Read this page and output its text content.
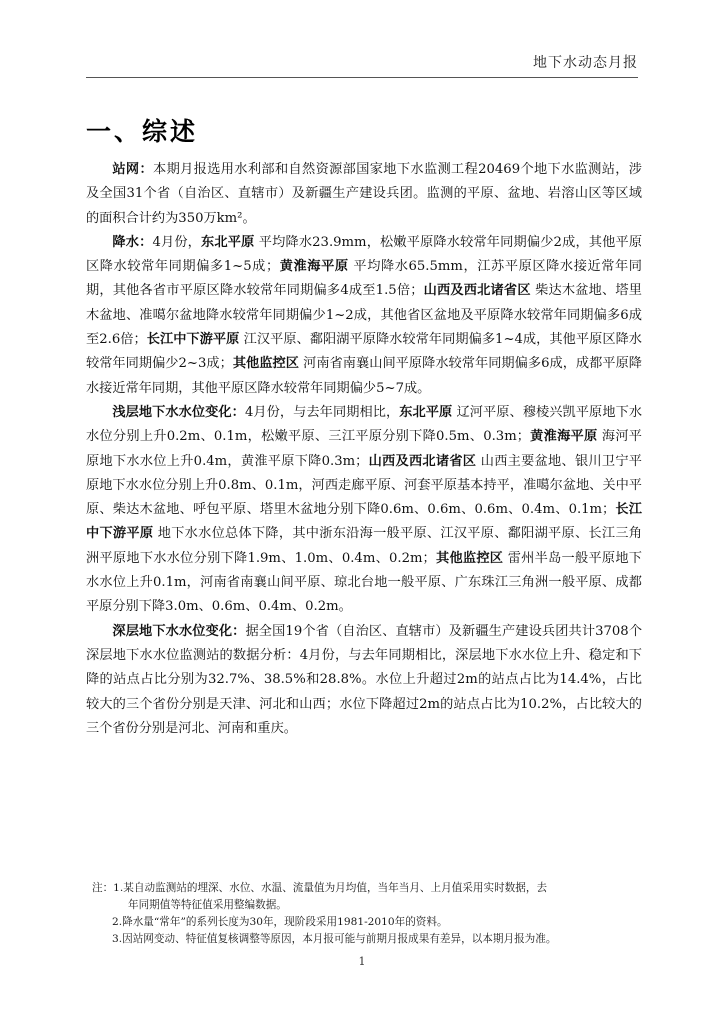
地下水动态月报
一、综述

站网：本期月报选用水利部和自然资源部国家地下水监测工程20469个地下水监测站，涉及全国31个省（自治区、直辖市）及新疆生产建设兵团。监测的平原、盆地、岩溶山区等区域的面积合计约为350万km²。

降水：4月份，东北平原 平均降水23.9mm，松嫩平原降水较常年同期偏少2成，其他平原区降水较常年同期偏多1~5成；黄淮海平原 平均降水65.5mm，江苏平原区降水接近常年同期，其他各省市平原区降水较常年同期偏多4成至1.5倍；山西及西北诸省区 柴达木盆地、塔里木盆地、准噶尔盆地降水较常年同期偏少1~2成，其他省区盆地及平原降水较常年同期偏多6成至2.6倍；长江中下游平原 江汉平原、鄱阳湖平原降水较常年同期偏多1~4成，其他平原区降水较常年同期偏少2~3成；其他监控区 河南省南襄山间平原降水较常年同期偏多6成，成都平原降水接近常年同期，其他平原区降水较常年同期偏少5~7成。

浅层地下水水位变化：4月份，与去年同期相比，东北平原 辽河平原、穆棱兴凯平原地下水水位分别上升0.2m、0.1m，松嫩平原、三江平原分别下降0.5m、0.3m；黄淮海平原 海河平原地下水水位上升0.4m，黄淮平原下降0.3m；山西及西北诸省区 山西主要盆地、银川卫宁平原地下水水位分别上升0.8m、0.1m，河西走廊平原、河套平原基本持平，准噶尔盆地、关中平原、柴达木盆地、呼包平原、塔里木盆地分别下降0.6m、0.6m、0.6m、0.4m、0.1m；长江中下游平原 地下水水位总体下降，其中浙东沿海一般平原、江汉平原、鄱阳湖平原、长江三角洲平原地下水水位分别下降1.9m、1.0m、0.4m、0.2m；其他监控区 雷州半岛一般平原地下水水位上升0.1m，河南省南襄山间平原、琼北台地一般平原、广东珠江三角洲一般平原、成都平原分别下降3.0m、0.6m、0.4m、0.2m。

深层地下水水位变化：据全国19个省（自治区、直辖市）及新疆生产建设兵团共计3708个深层地下水水位监测站的数据分析：4月份，与去年同期相比，深层地下水水位上升、稳定和下降的站点占比分别为32.7%、38.5%和28.8%。水位上升超过2m的站点占比为14.4%，占比较大的三个省份分别是天津、河北和山西；水位下降超过2m的站点占比为10.2%，占比较大的三个省份分别是河北、河南和重庆。

注：1.某自动监测站的埋深、水位、水温、流量值为月均值，当年当月、上月值采用实时数据，去
年同期值等特征值采用整编数据。
2.降水量“常年”的系列长度为30年，现阶段采用1981-2010年的资料。
3.因站网变动、特征值复核调整等原因，本月报可能与前期月报成果有差异，以本期月报为准。
1
